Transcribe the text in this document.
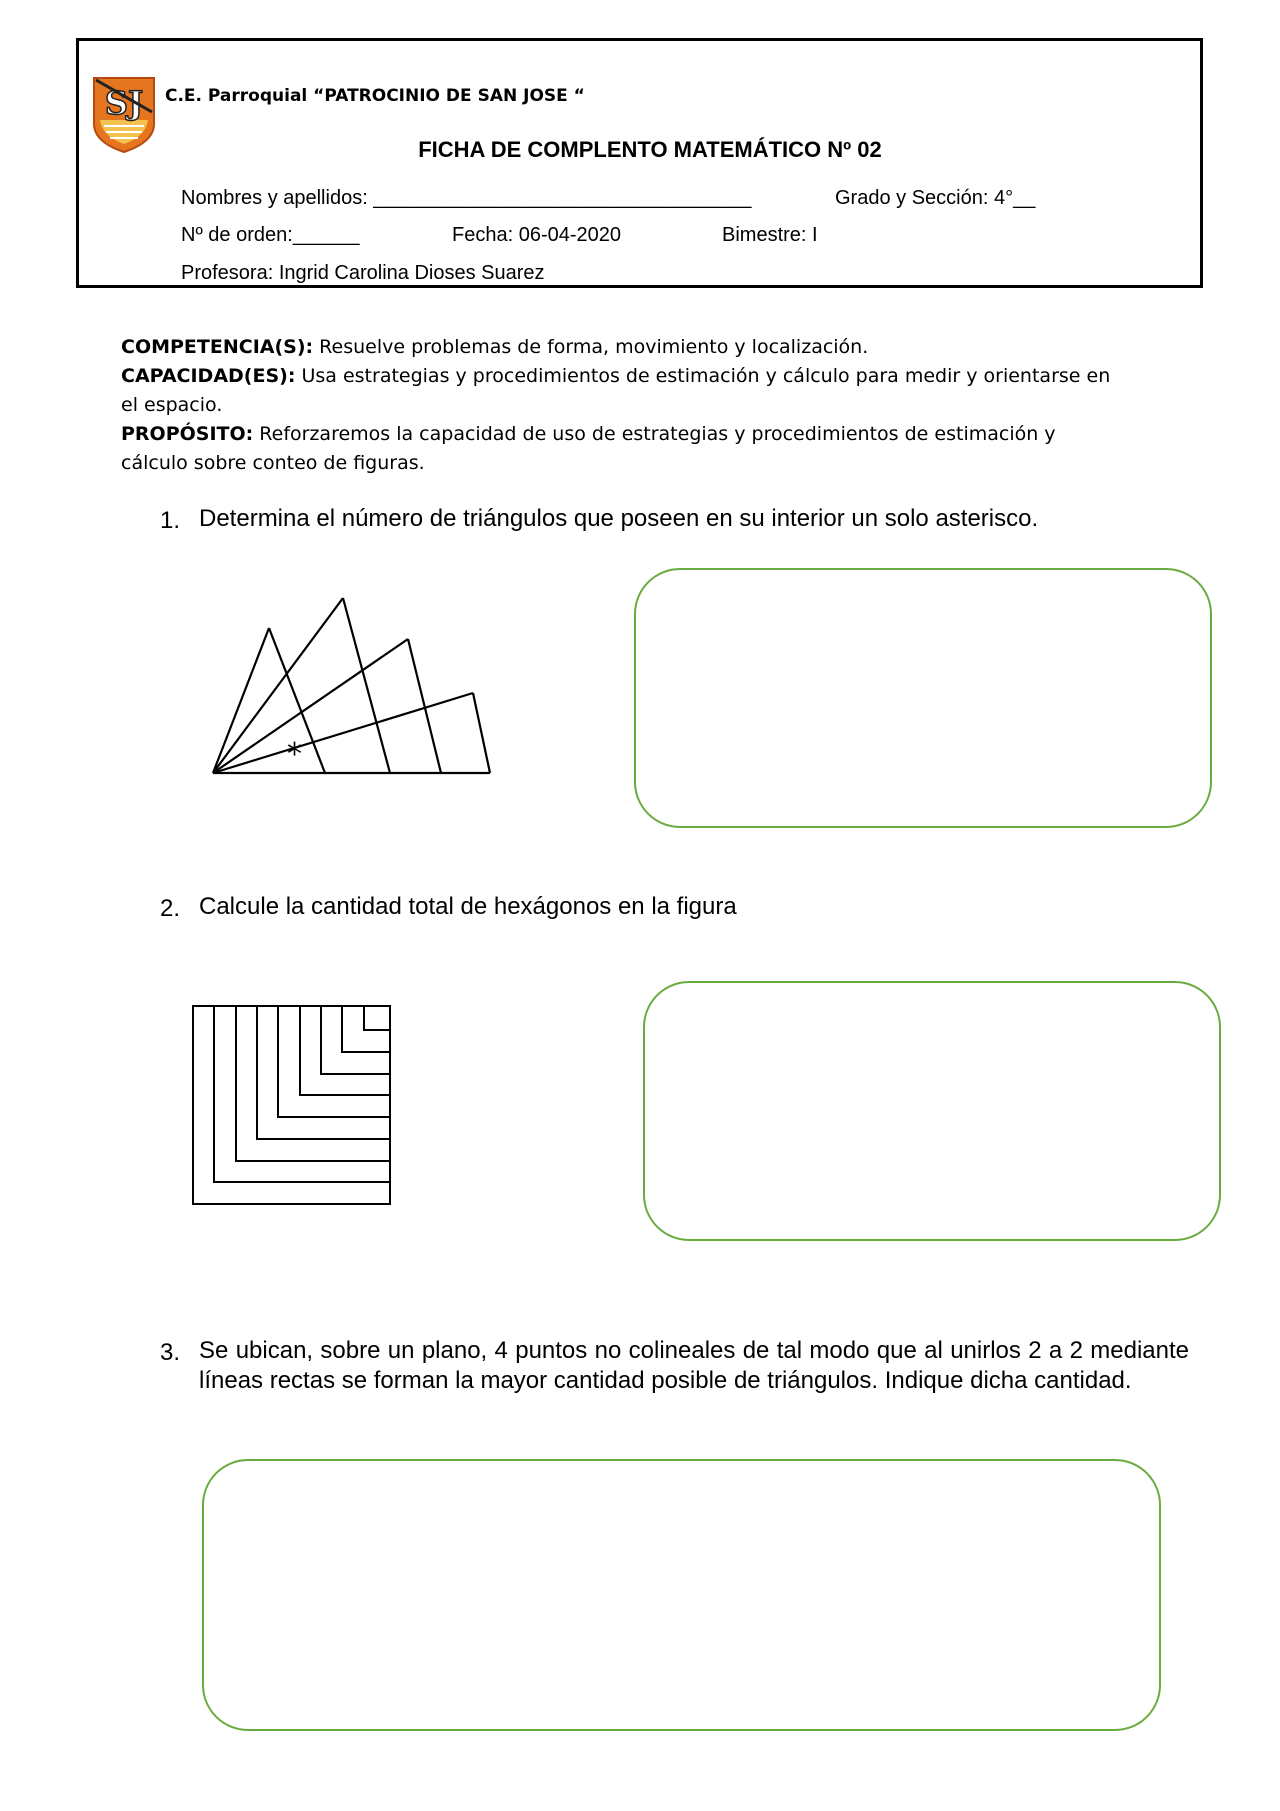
SJ C.E. Parroquial “PATROCINIO DE SAN JOSE “
FICHA DE COMPLENTO MATEMÁTICO Nº 02
Nombres y apellidos: __________________________________	Grado y Sección: 4°__
Nº de orden:______	Fecha: 06-04-2020	Bimestre: I
Profesora: Ingrid Carolina Dioses Suarez
COMPETENCIA(S): Resuelve problemas de forma, movimiento y localización.
CAPACIDAD(ES): Usa estrategias y procedimientos de estimación y cálculo para medir y orientarse en el espacio.
PROPÓSITO: Reforzaremos la capacidad de uso de estrategias y procedimientos de estimación y cálculo sobre conteo de figuras.
1. Determina el número de triángulos que poseen en su interior un solo asterisco.
*
2. Calcule la cantidad total de hexágonos en la figura
3. Se ubican, sobre un plano, 4 puntos no colineales de tal modo que al unirlos 2 a 2 mediante líneas rectas se forman la mayor cantidad posible de triángulos. Indique dicha cantidad.
